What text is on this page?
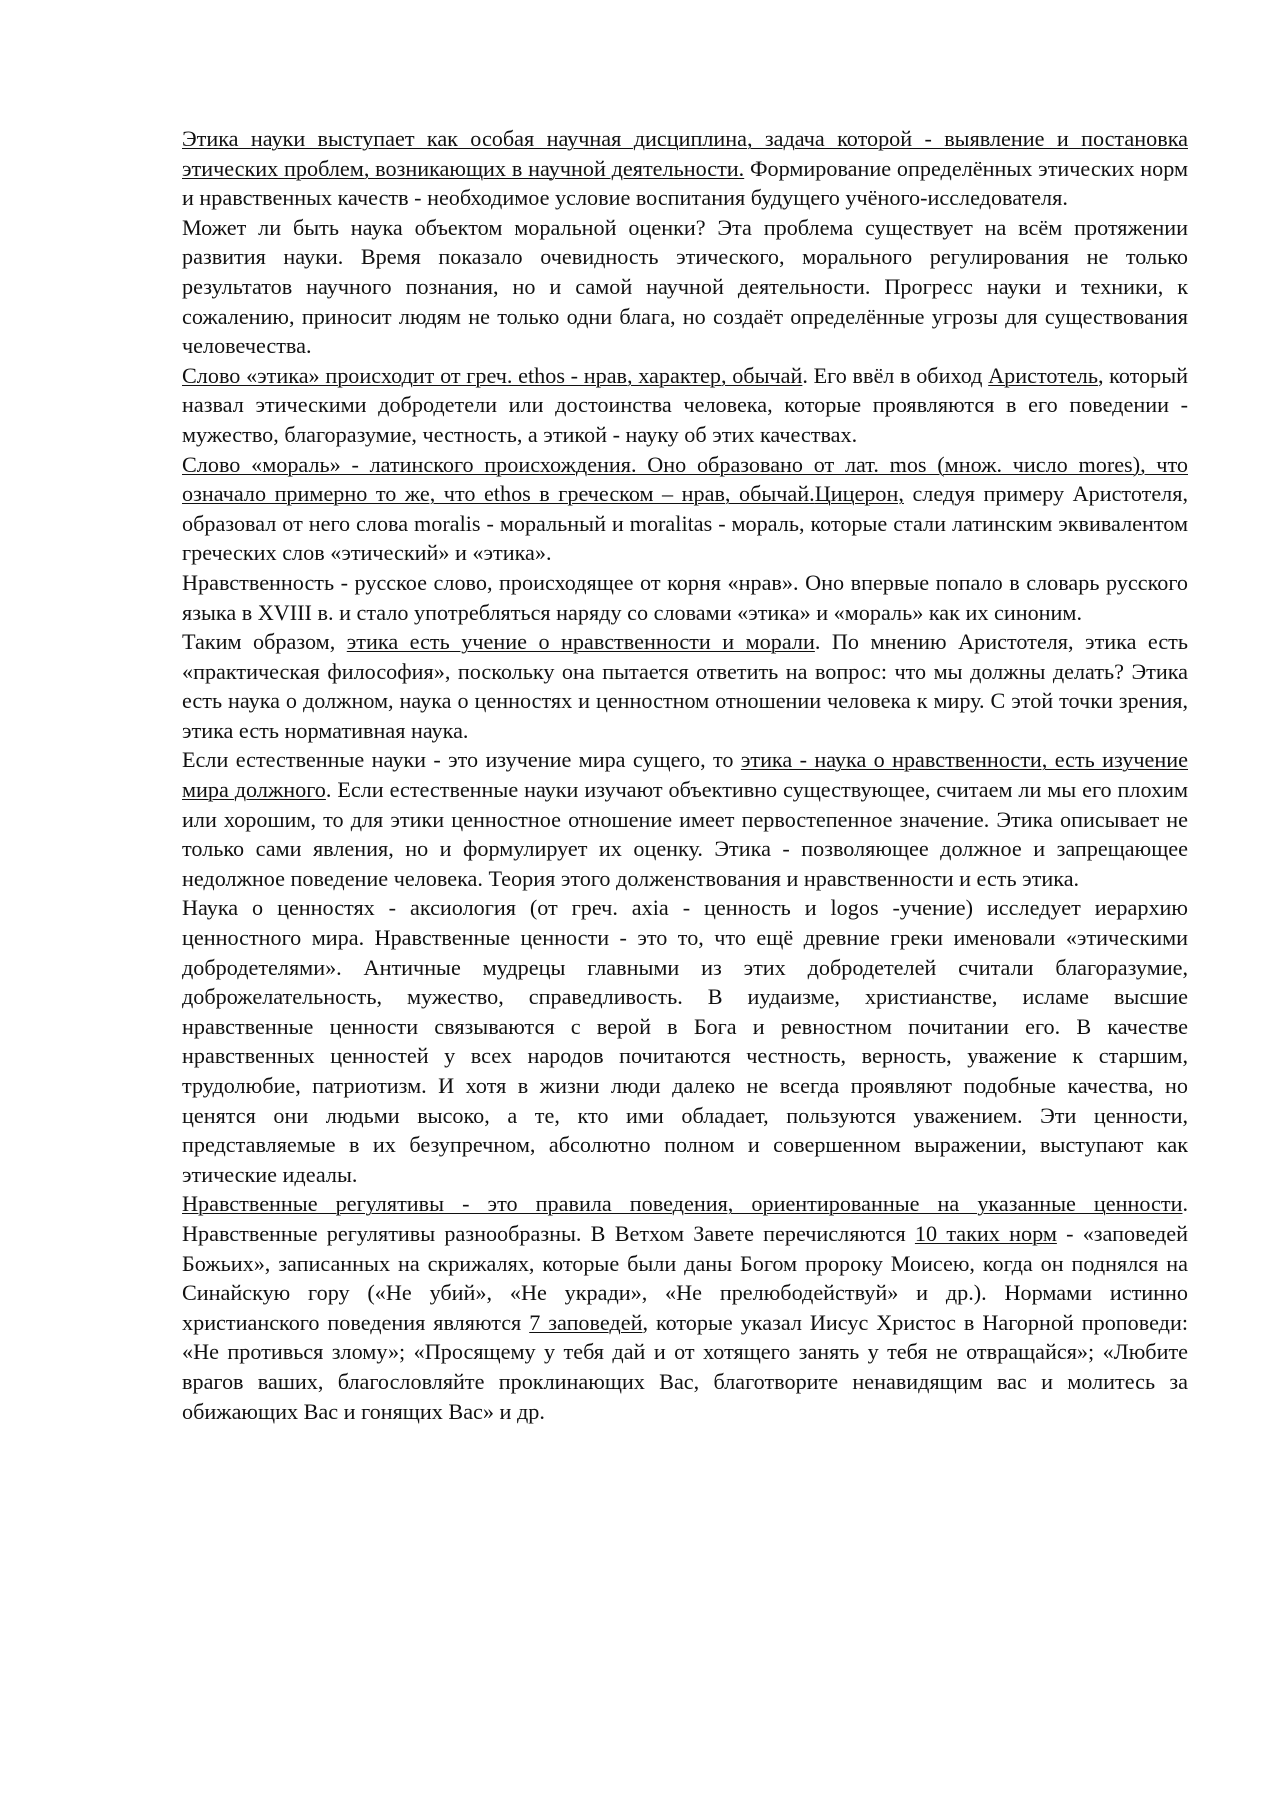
Этика науки выступает как особая научная дисциплина, задача которой - выявление и постановка этических проблем, возникающих в научной деятельности. Формирование определённых этических норм и нравственных качеств - необходимое условие воспитания будущего учёного-исследователя.

Может ли быть наука объектом моральной оценки? Эта проблема существует на всём протяжении развития науки. Время показало очевидность этического, морального регулирования не только результатов научного познания, но и самой научной деятельности. Прогресс науки и техники, к сожалению, приносит людям не только одни блага, но создаёт определённые угрозы для существования человечества.

Слово «этика» происходит от греч. ethos - нрав, характер, обычай. Его ввёл в обиход Аристотель, который назвал этическими добродетели или достоинства человека, которые проявляются в его поведении - мужество, благоразумие, честность, а этикой - науку об этих качествах.

Слово «мораль» - латинского происхождения. Оно образовано от лат. mos (множ. число mores), что означало примерно то же, что ethos в греческом – нрав, обычай.Цицерон, следуя примеру Аристотеля, образовал от него слова moralis - моральный и moralitas - мораль, которые стали латинским эквивалентом греческих слов «этический» и «этика».

Нравственность - русское слово, происходящее от корня «нрав». Оно впервые попало в словарь русского языка в XVIII в. и стало употребляться наряду со словами «этика» и «мораль» как их синоним.

Таким образом, этика есть учение о нравственности и морали. По мнению Аристотеля, этика есть «практическая философия», поскольку она пытается ответить на вопрос: что мы должны делать? Этика есть наука о должном, наука о ценностях и ценностном отношении человека к миру. С этой точки зрения, этика есть нормативная наука.

Если естественные науки - это изучение мира сущего, то этика - наука о нравственности, есть изучение мира должного. Если естественные науки изучают объективно существующее, считаем ли мы его плохим или хорошим, то для этики ценностное отношение имеет первостепенное значение. Этика описывает не только сами явления, но и формулирует их оценку. Этика - позволяющее должное и запрещающее недолжное поведение человека. Теория этого долженствования и нравственности и есть этика.

Наука о ценностях - аксиология (от греч. axia - ценность и logos -учение) исследует иерархию ценностного мира. Нравственные ценности - это то, что ещё древние греки именовали «этическими добродетелями». Античные мудрецы главными из этих добродетелей считали благоразумие, доброжелательность, мужество, справедливость. В иудаизме, христианстве, исламе высшие нравственные ценности связываются с верой в Бога и ревностном почитании его. В качестве нравственных ценностей у всех народов почитаются честность, верность, уважение к старшим, трудолюбие, патриотизм. И хотя в жизни люди далеко не всегда проявляют подобные качества, но ценятся они людьми высоко, а те, кто ими обладает, пользуются уважением. Эти ценности, представляемые в их безупречном, абсолютно полном и совершенном выражении, выступают как этические идеалы.

Нравственные регулятивы - это правила поведения, ориентированные на указанные ценности. Нравственные регулятивы разнообразны. В Ветхом Завете перечисляются 10 таких норм - «заповедей Божьих», записанных на скрижалях, которые были даны Богом пророку Моисею, когда он поднялся на Синайскую гору («Не убий», «Не укради», «Не прелюбодействуй» и др.). Нормами истинно христианского поведения являются 7 заповедей, которые указал Иисус Христос в Нагорной проповеди: «Не противься злому»; «Просящему у тебя дай и от хотящего занять у тебя не отвращайся»; «Любите врагов ваших, благословляйте проклинающих Вас, благотворите ненавидящим вас и молитесь за обижающих Вас и гонящих Вас» и др.
